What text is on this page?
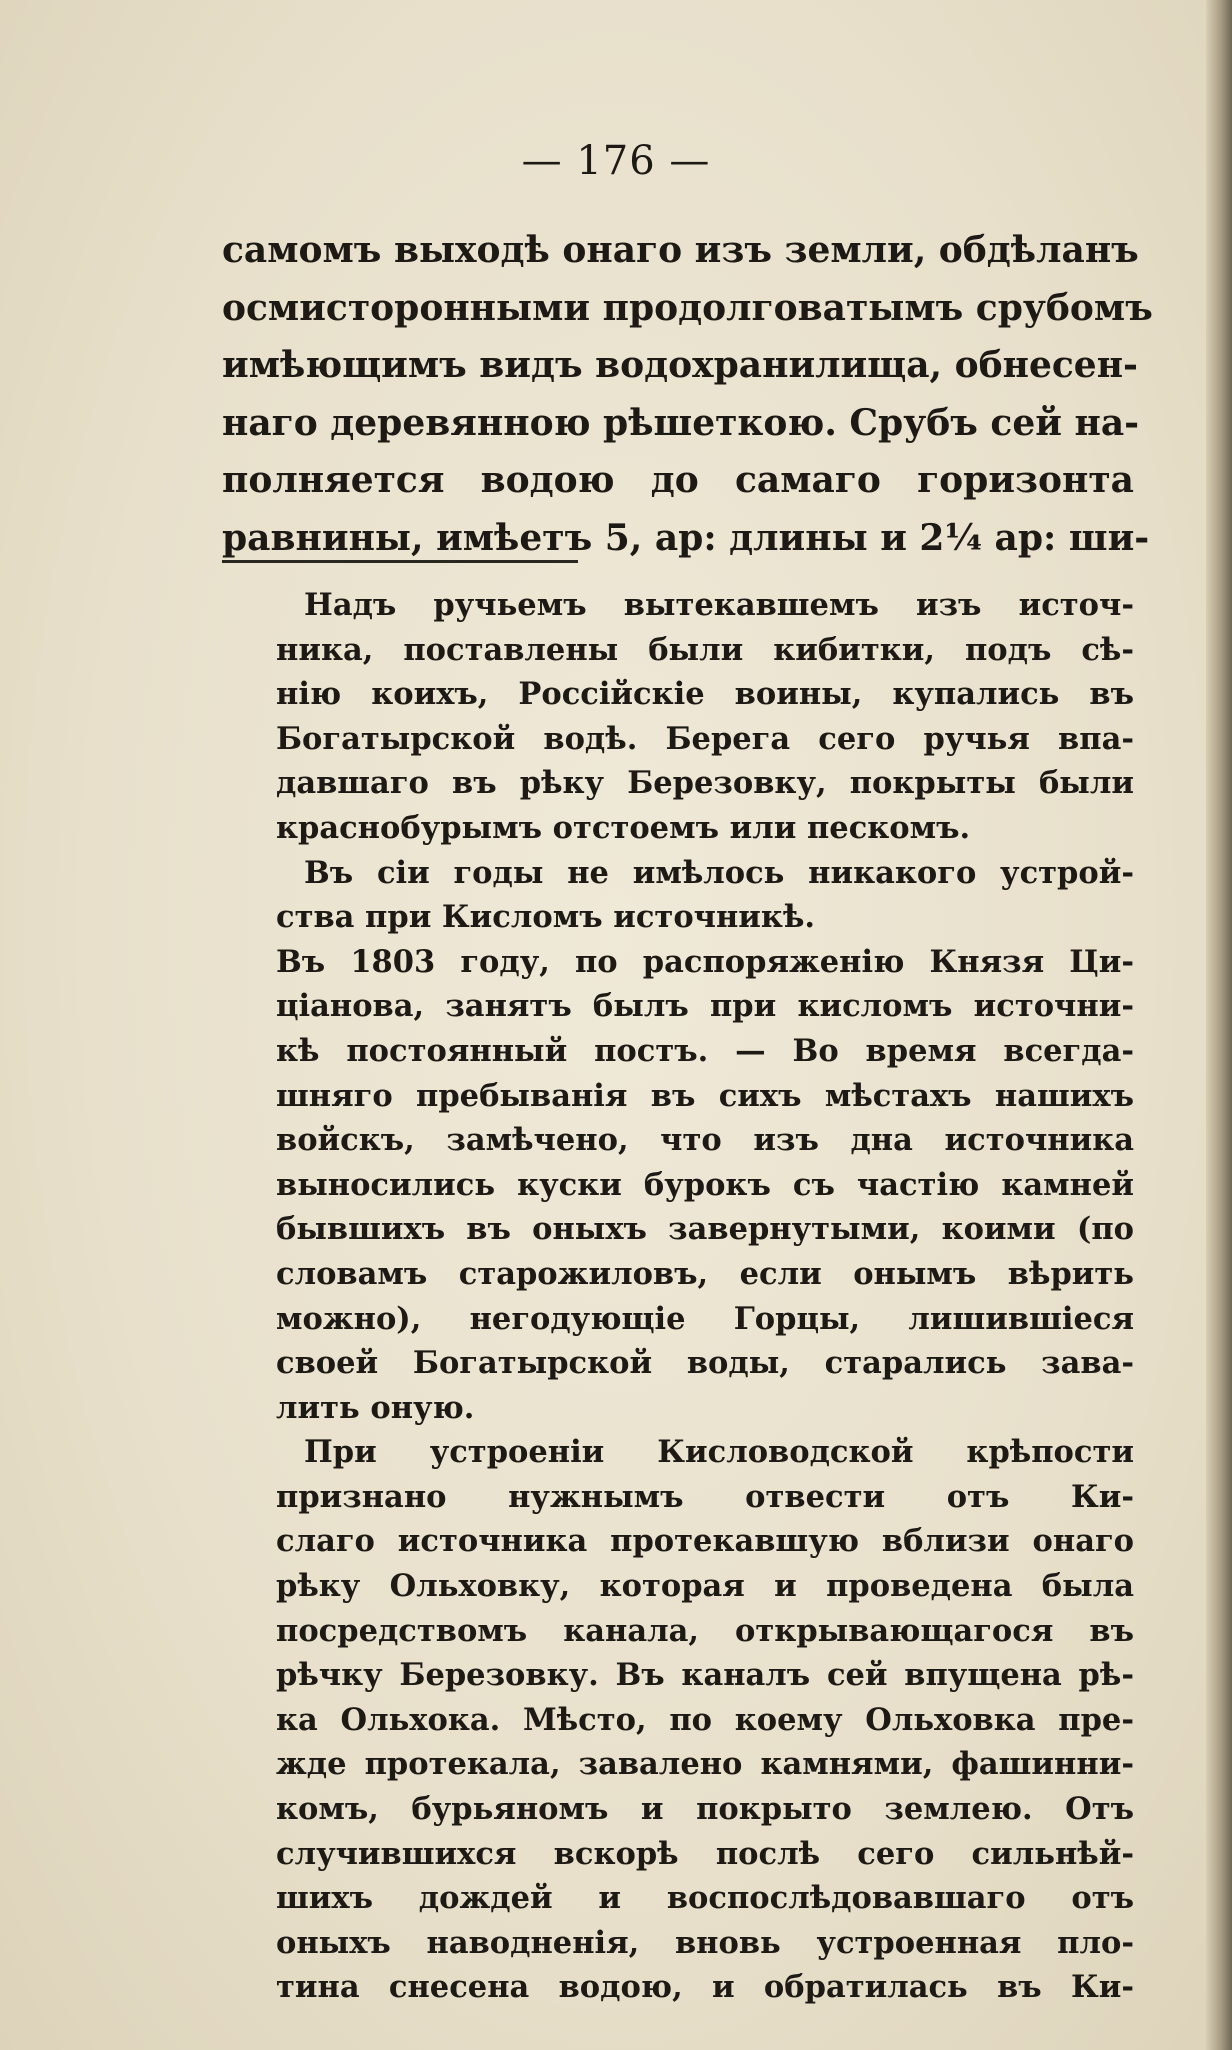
— 176 —
самомъ выходѣ онаго изъ земли, обдѣланъ
осмисторонными продолговатымъ срубомъ
имѣющимъ видъ водохранилища, обнесен-
наго деревянною рѣшеткою. Срубъ сей на-
полняется водою до самаго горизонта
равнины, имѣетъ 5, ар: длины и 2¼ ар: ши-
Надъ ручьемъ вытекавшемъ изъ источ-
ника, поставлены были кибитки, подъ сѣ-
нію коихъ, Россійскіе воины, купались въ
Богатырской водѣ. Берега сего ручья впа-
давшаго въ рѣку Березовку, покрыты были
краснобурымъ отстоемъ или пескомъ.
Въ сіи годы не имѣлось никакого устрой-
ства при Кисломъ источникѣ.
Въ 1803 году, по распоряженію Князя Ци-
ціанова, занятъ былъ при кисломъ источни-
кѣ постоянный постъ. — Во время всегда-
шняго пребыванія въ сихъ мѣстахъ нашихъ
войскъ, замѣчено, что изъ дна источника
выносились куски бурокъ съ частію камней
бывшихъ въ оныхъ завернутыми, коими (по
словамъ старожиловъ, если онымъ вѣрить
можно), негодующіе Горцы, лишившіеся
своей Богатырской воды, старались зава-
лить оную.
При устроеніи Кисловодской крѣпости
признано нужнымъ отвести отъ Ки-
слаго источника протекавшую вблизи онаго
рѣку Ольховку, которая и проведена была
посредствомъ канала, открывающагося въ
рѣчку Березовку. Въ каналъ сей впущена рѣ-
ка Ольхока. Мѣсто, по коему Ольховка пре-
жде протекала, завалено камнями, фашинни-
комъ, бурьяномъ и покрыто землею. Отъ
случившихся вскорѣ послѣ сего сильнѣй-
шихъ дождей и воспослѣдовавшаго отъ
оныхъ наводненія, вновь устроенная пло-
тина снесена водою, и обратилась въ Ки-
